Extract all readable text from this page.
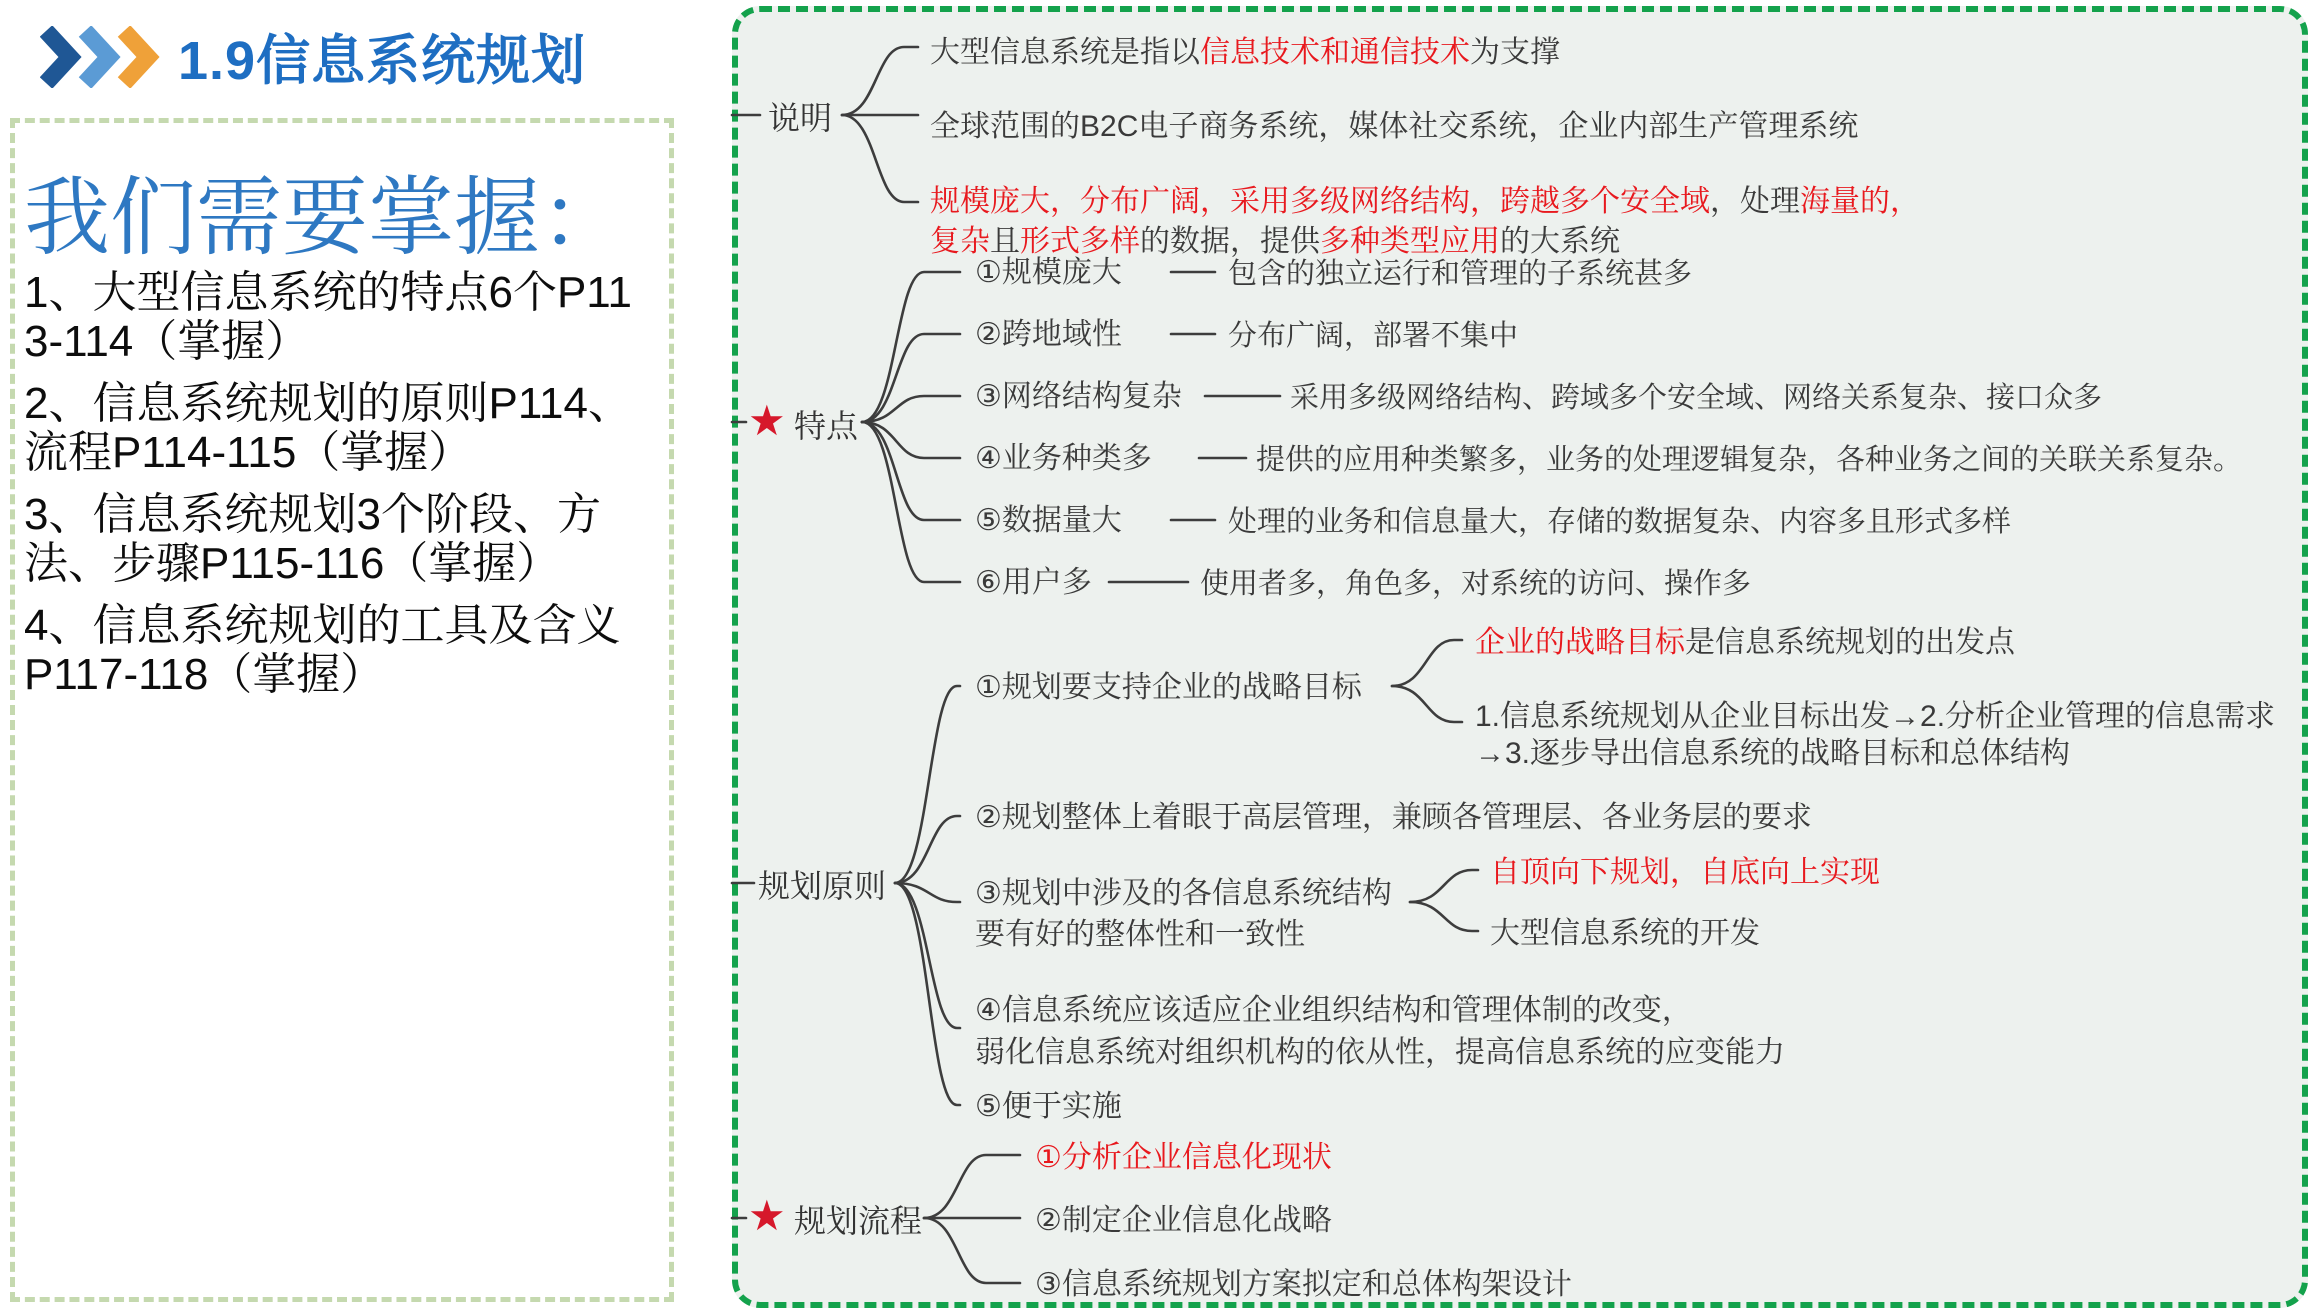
1.9信息系统规划
我们需要掌握：
1、大型信息系统的特点6个P113-114（掌握）
2、信息系统规划的原则P114、流程P114-115（掌握）
3、信息系统规划3个阶段、方法、步骤P115-116（掌握）
4、信息系统规划的工具及含义P117-118（掌握）
说明
大型信息系统是指以信息技术和通信技术为支撑
全球范围的B2C电子商务系统，媒体社交系统，企业内部生产管理系统
规模庞大，分布广阔，采用多级网络结构，跨越多个安全域，处理海量的，
复杂且形式多样的数据，提供多种类型应用的大系统
特点
规划原则
①规划要支持企业的战略目标
企业的战略目标是信息系统规划的出发点
1.信息系统规划从企业目标出发→2.分析企业管理的信息需求
→3.逐步导出信息系统的战略目标和总体结构
②规划整体上着眼于高层管理，兼顾各管理层、各业务层的要求
③规划中涉及的各信息系统结构
要有好的整体性和一致性
自顶向下规划，自底向上实现
大型信息系统的开发
④信息系统应该适应企业组织结构和管理体制的改变，
弱化信息系统对组织机构的依从性，提高信息系统的应变能力
⑤便于实施
规划流程
①分析企业信息化现状
②制定企业信息化战略
③信息系统规划方案拟定和总体构架设计
①规模庞大	包含的独立运行和管理的子系统甚多
②跨地域性	分布广阔，部署不集中
③网络结构复杂	采用多级网络结构、跨域多个安全域、网络关系复杂、接口众多
④业务种类多	提供的应用种类繁多，业务的处理逻辑复杂，各种业务之间的关联关系复杂。
⑤数据量大	处理的业务和信息量大，存储的数据复杂、内容多且形式多样
⑥用户多	使用者多，角色多，对系统的访问、操作多
★
★
